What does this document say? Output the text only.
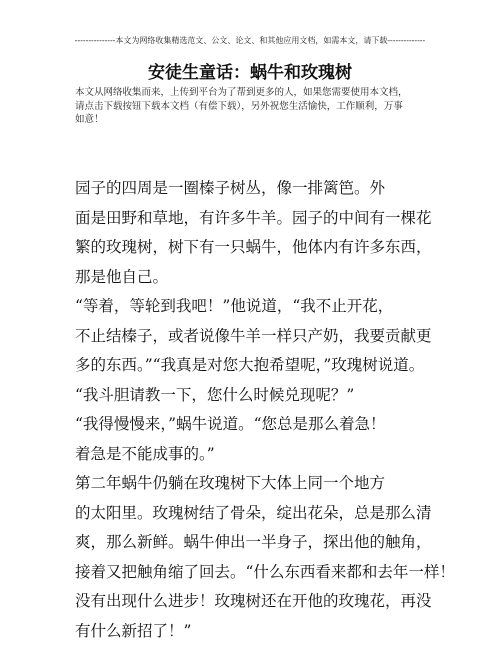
---------------本文为网络收集精选范文、公文、论文、和其他应用文档，如需本文，请下载--------------
安徒生童话：蜗牛和玫瑰树
本文从网络收集而来，上传到平台为了帮到更多的人，如果您需要使用本文档，
请点击下载按钮下载本文档（有偿下载），另外祝您生活愉快，工作顺利，万事
如意！
园子的四周是一圈榛子树丛，像一排篱笆。外
面是田野和草地，有许多牛羊。园子的中间有一棵花
繁的玫瑰树，树下有一只蜗牛，他体内有许多东西，
那是他自己。
“等着，等轮到我吧！”他说道，“我不止开花，
不止结榛子，或者说像牛羊一样只产奶，我要贡献更
多的东西。”“我真是对您大抱希望呢，”玫瑰树说道。
“我斗胆请教一下，您什么时候兑现呢？”
“我得慢慢来，”蜗牛说道。“您总是那么着急！
着急是不能成事的。”
第二年蜗牛仍躺在玫瑰树下大体上同一个地方
的太阳里。玫瑰树结了骨朵，绽出花朵，总是那么清
爽，那么新鲜。蜗牛伸出一半身子，探出他的触角，
接着又把触角缩了回去。“什么东西看来都和去年一样！
没有出现什么进步！玫瑰树还在开他的玫瑰花，再没
有什么新招了！”
